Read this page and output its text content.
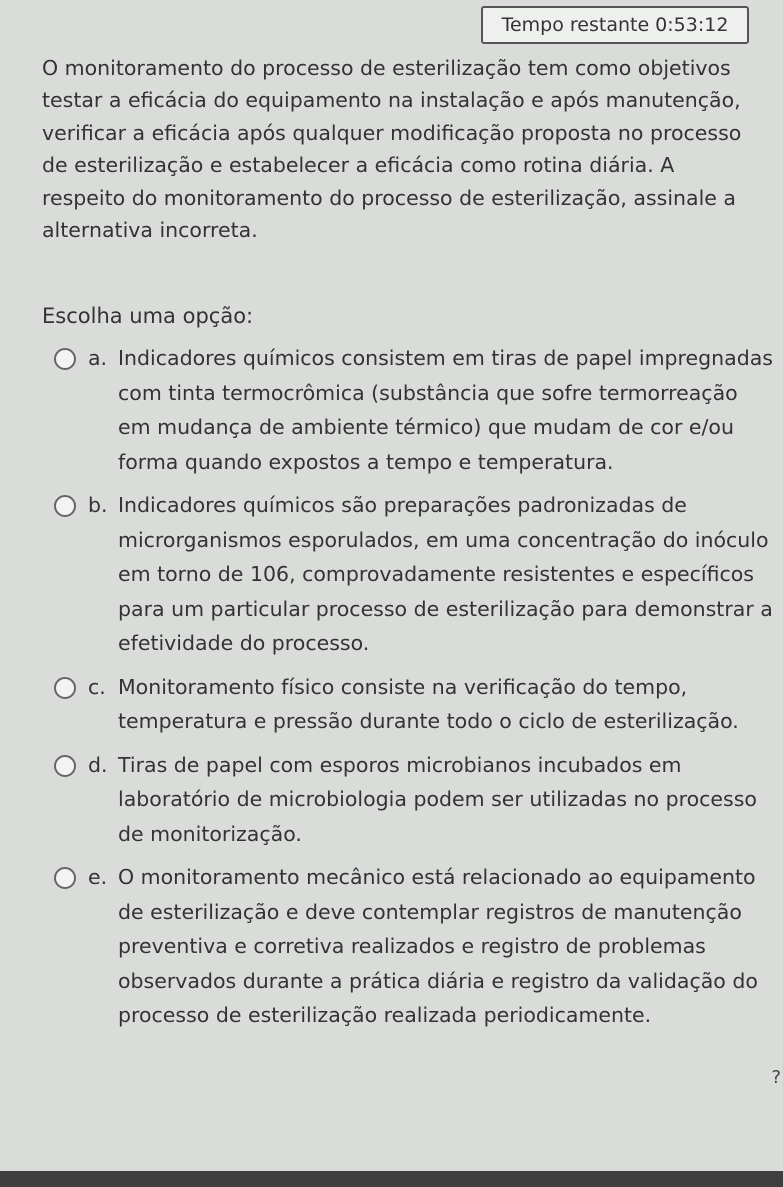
Tempo restante 0:53:12
O monitoramento do processo de esterilização tem como objetivos testar a eficácia do equipamento na instalação e após manutenção, verificar a eficácia após qualquer modificação proposta no processo de esterilização e estabelecer a eficácia como rotina diária. A respeito do monitoramento do processo de esterilização, assinale a alternativa incorreta.
Escolha uma opção:
a. Indicadores químicos consistem em tiras de papel impregnadas com tinta termocrômica (substância que sofre termorreação em mudança de ambiente térmico) que mudam de cor e/ou forma quando expostos a tempo e temperatura.
b. Indicadores químicos são preparações padronizadas de microrganismos esporulados, em uma concentração do inóculo em torno de 106, comprovadamente resistentes e específicos para um particular processo de esterilização para demonstrar a efetividade do processo.
c. Monitoramento físico consiste na verificação do tempo, temperatura e pressão durante todo o ciclo de esterilização.
d. Tiras de papel com esporos microbianos incubados em laboratório de microbiologia podem ser utilizadas no processo de monitorização.
e. O monitoramento mecânico está relacionado ao equipamento de esterilização e deve contemplar registros de manutenção preventiva e corretiva realizados e registro de problemas observados durante a prática diária e registro da validação do processo de esterilização realizada periodicamente.
?
